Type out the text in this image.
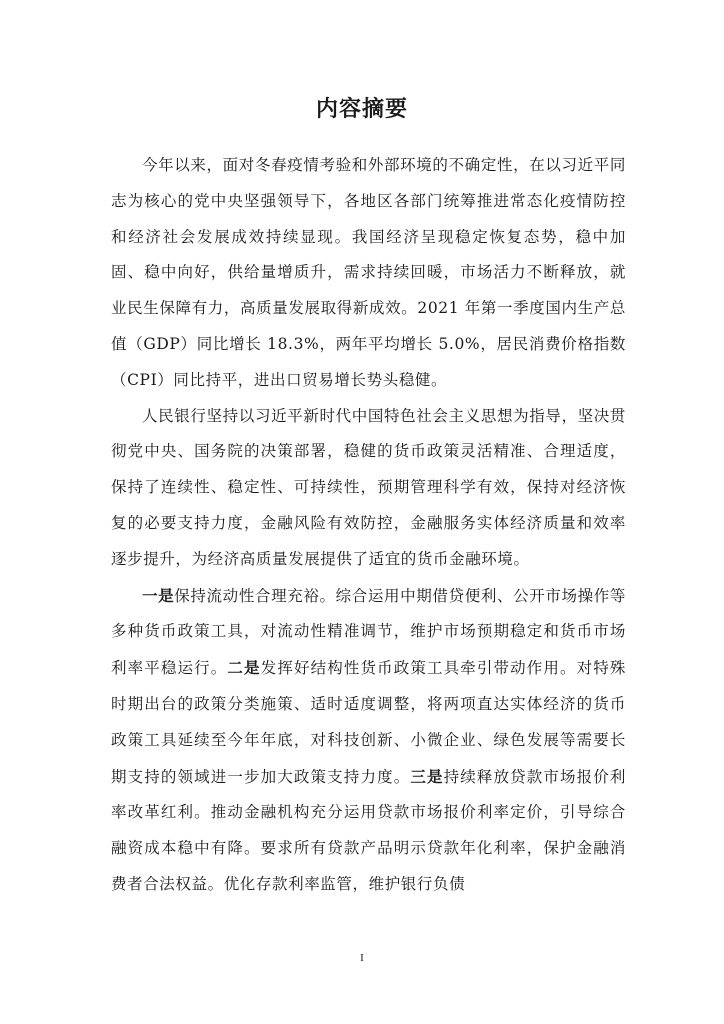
内容摘要

今年以来，面对冬春疫情考验和外部环境的不确定性，在以习近平同志为核心的党中央坚强领导下，各地区各部门统筹推进常态化疫情防控和经济社会发展成效持续显现。我国经济呈现稳定恢复态势，稳中加固、稳中向好，供给量增质升，需求持续回暖，市场活力不断释放，就业民生保障有力，高质量发展取得新成效。2021 年第一季度国内生产总值（GDP）同比增长 18.3%，两年平均增长 5.0%，居民消费价格指数（CPI）同比持平，进出口贸易增长势头稳健。

人民银行坚持以习近平新时代中国特色社会主义思想为指导，坚决贯彻党中央、国务院的决策部署，稳健的货币政策灵活精准、合理适度，保持了连续性、稳定性、可持续性，预期管理科学有效，保持对经济恢复的必要支持力度，金融风险有效防控，金融服务实体经济质量和效率逐步提升，为经济高质量发展提供了适宜的货币金融环境。

一是保持流动性合理充裕。综合运用中期借贷便利、公开市场操作等多种货币政策工具，对流动性精准调节，维护市场预期稳定和货币市场利率平稳运行。二是发挥好结构性货币政策工具牵引带动作用。对特殊时期出台的政策分类施策、适时适度调整，将两项直达实体经济的货币政策工具延续至今年年底，对科技创新、小微企业、绿色发展等需要长期支持的领域进一步加大政策支持力度。三是持续释放贷款市场报价利率改革红利。推动金融机构充分运用贷款市场报价利率定价，引导综合融资成本稳中有降。要求所有贷款产品明示贷款年化利率，保护金融消费者合法权益。优化存款利率监管，维护银行负债

I
